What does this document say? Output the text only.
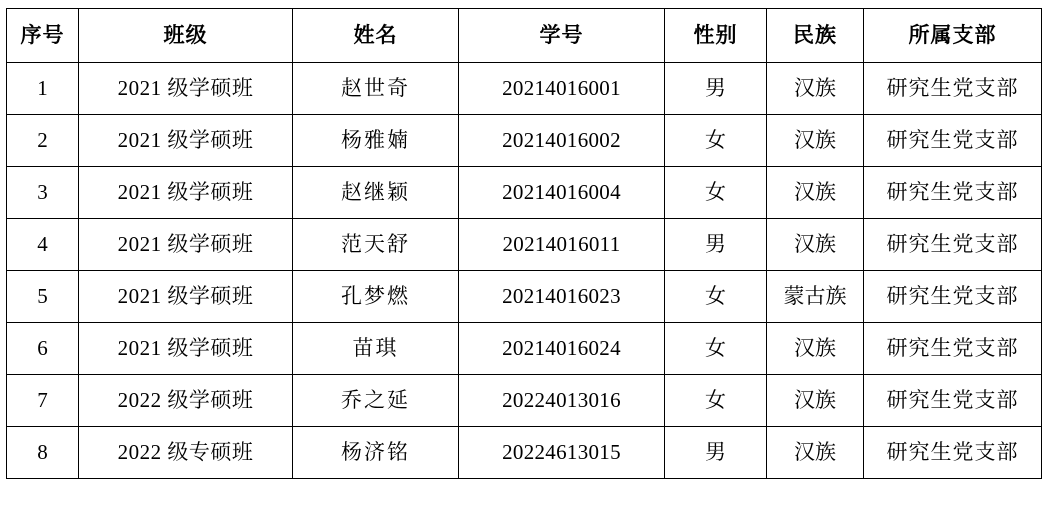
序号	班级	姓名	学号	性别	民族	所属支部
1	2021 级学硕班	赵世奇	20214016001	男	汉族	研究生党支部
2	2021 级学硕班	杨雅婻	20214016002	女	汉族	研究生党支部
3	2021 级学硕班	赵继颖	20214016004	女	汉族	研究生党支部
4	2021 级学硕班	范天舒	20214016011	男	汉族	研究生党支部
5	2021 级学硕班	孔梦燃	20214016023	女	蒙古族	研究生党支部
6	2021 级学硕班	苗琪	20214016024	女	汉族	研究生党支部
7	2022 级学硕班	乔之延	20224013016	女	汉族	研究生党支部
8	2022 级专硕班	杨济铭	20224613015	男	汉族	研究生党支部
